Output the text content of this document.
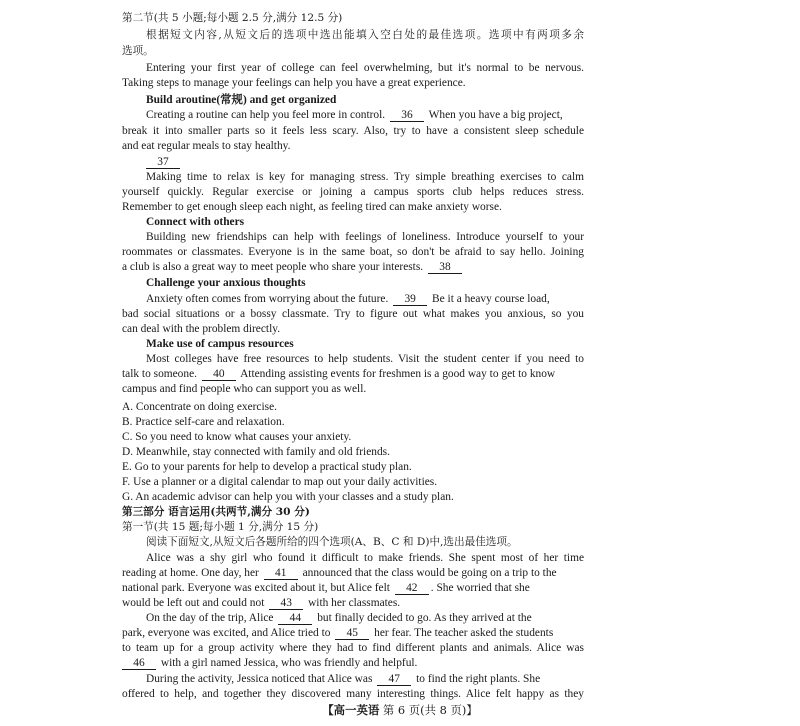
第二节(共 5 小题;每小题 2.5 分,满分 12.5 分)
根据短文内容,从短文后的选项中选出能填入空白处的最佳选项。选项中有两项多余
选项。
Entering your first year of college can feel overwhelming, but it's normal to be nervous.
Taking steps to manage your feelings can help you have a great experience.
Build aroutine(常规) and get organized
Creating a routine can help you feel more in control. 36 When you have a big project,
break it into smaller parts so it feels less scary. Also, try to have a consistent sleep schedule
and eat regular meals to stay healthy.
37
Making time to relax is key for managing stress. Try simple breathing exercises to calm
yourself quickly. Regular exercise or joining a campus sports club helps reduces stress.
Remember to get enough sleep each night, as feeling tired can make anxiety worse.
Connect with others
Building new friendships can help with feelings of loneliness. Introduce yourself to your
roommates or classmates. Everyone is in the same boat, so don't be afraid to say hello. Joining
a club is also a great way to meet people who share your interests. 38
Challenge your anxious thoughts
Anxiety often comes from worrying about the future. 39 Be it a heavy course load,
bad social situations or a bossy classmate. Try to figure out what makes you anxious, so you
can deal with the problem directly.
Make use of campus resources
Most colleges have free resources to help students. Visit the student center if you need to
talk to someone. 40 Attending assisting events for freshmen is a good way to get to know
campus and find people who can support you as well.
A. Concentrate on doing exercise.
B. Practice self-care and relaxation.
C. So you need to know what causes your anxiety.
D. Meanwhile, stay connected with family and old friends.
E. Go to your parents for help to develop a practical study plan.
F. Use a planner or a digital calendar to map out your daily activities.
G. An academic advisor can help you with your classes and a study plan.
第三部分 语言运用(共两节,满分 30 分)
第一节(共 15 题;每小题 1 分,满分 15 分)
阅读下面短文,从短文后各题所给的四个选项(A、B、C 和 D)中,选出最佳选项。
Alice was a shy girl who found it difficult to make friends. She spent most of her time
reading at home. One day, her 41 announced that the class would be going on a trip to the
national park. Everyone was excited about it, but Alice felt 42 . She worried that she
would be left out and could not 43 with her classmates.
On the day of the trip, Alice 44 but finally decided to go. As they arrived at the
park, everyone was excited, and Alice tried to 45 her fear. The teacher asked the students
to team up for a group activity where they had to find different plants and animals. Alice was
46 with a girl named Jessica, who was friendly and helpful.
During the activity, Jessica noticed that Alice was 47 to find the right plants. She
offered to help, and together they discovered many interesting things. Alice felt happy as they
【高一英语 第 6 页(共 8 页)】
